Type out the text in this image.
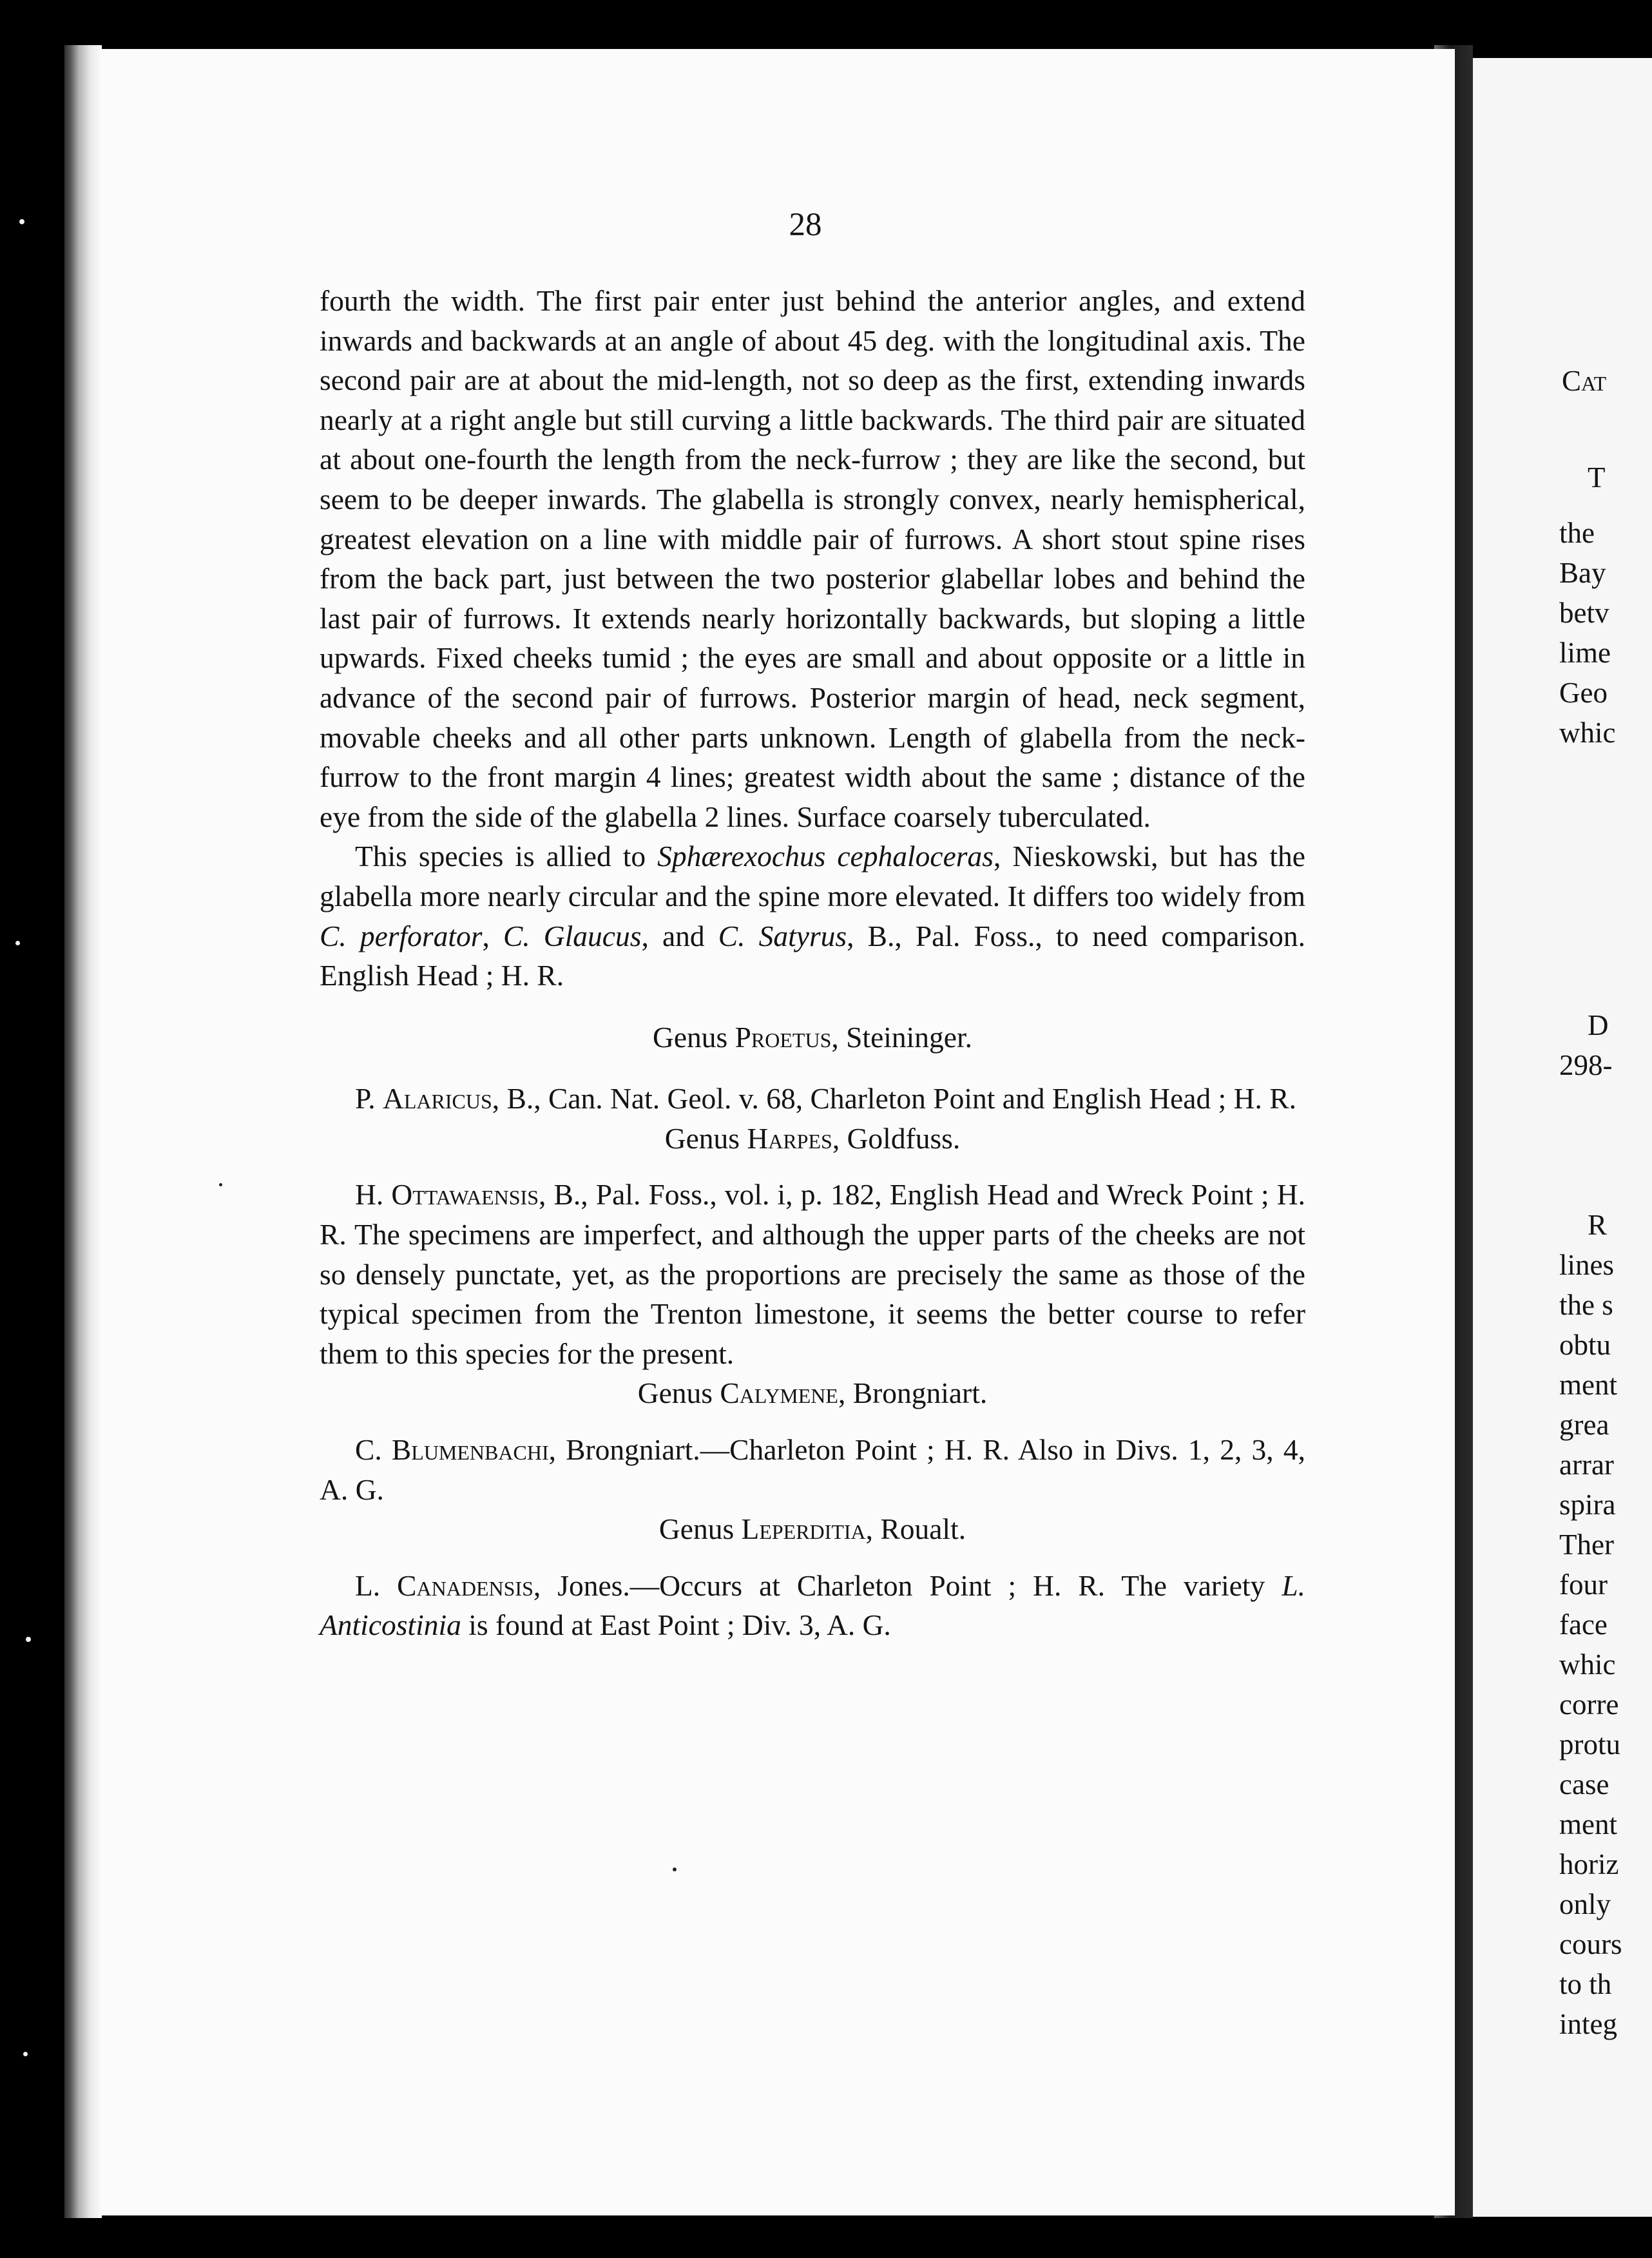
Cat
T
the
Bay
betv
lime
Geo
whic
D
298-
R
lines
the s
obtu
ment
grea
arrar
spira
Ther
four
face
whic
corre
protu
case
ment
horiz
only
cours
to th
integ
28

fourth the width. The first pair enter just behind the anterior angles, and extend inwards and backwards at an angle of about 45 deg. with the longitudinal axis. The second pair are at about the mid-length, not so deep as the first, extending inwards nearly at a right angle but still curving a little backwards. The third pair are situated at about one-fourth the length from the neck-furrow ; they are like the second, but seem to be deeper inwards. The glabella is strongly convex, nearly hemispherical, greatest elevation on a line with middle pair of furrows. A short stout spine rises from the back part, just between the two posterior glabellar lobes and behind the last pair of furrows. It extends nearly horizontally backwards, but sloping a little upwards. Fixed cheeks tumid ; the eyes are small and about opposite or a little in advance of the second pair of furrows. Posterior margin of head, neck segment, movable cheeks and all other parts unknown. Length of glabella from the neck-furrow to the front margin 4 lines; greatest width about the same ; distance of the eye from the side of the glabella 2 lines. Surface coarsely tuberculated.

This species is allied to Sphærexochus cephaloceras, Nieskowski, but has the glabella more nearly circular and the spine more elevated. It differs too widely from C. perforator, C. Glaucus, and C. Satyrus, B., Pal. Foss., to need comparison. English Head ; H. R.

Genus Proetus, Steininger.

P. Alaricus, B., Can. Nat. Geol. v. 68, Charleton Point and English Head ; H. R.

Genus Harpes, Goldfuss.

H. Ottawaensis, B., Pal. Foss., vol. i, p. 182, English Head and Wreck Point ; H. R. The specimens are imperfect, and although the upper parts of the cheeks are not so densely punctate, yet, as the proportions are precisely the same as those of the typical specimen from the Trenton limestone, it seems the better course to refer them to this species for the present.

Genus Calymene, Brongniart.

C. Blumenbachi, Brongniart.—Charleton Point ; H. R. Also in Divs. 1, 2, 3, 4, A. G.

Genus Leperditia, Roualt.

L. Canadensis, Jones.—Occurs at Charleton Point ; H. R. The variety L. Anticostinia is found at East Point ; Div. 3, A. G.
